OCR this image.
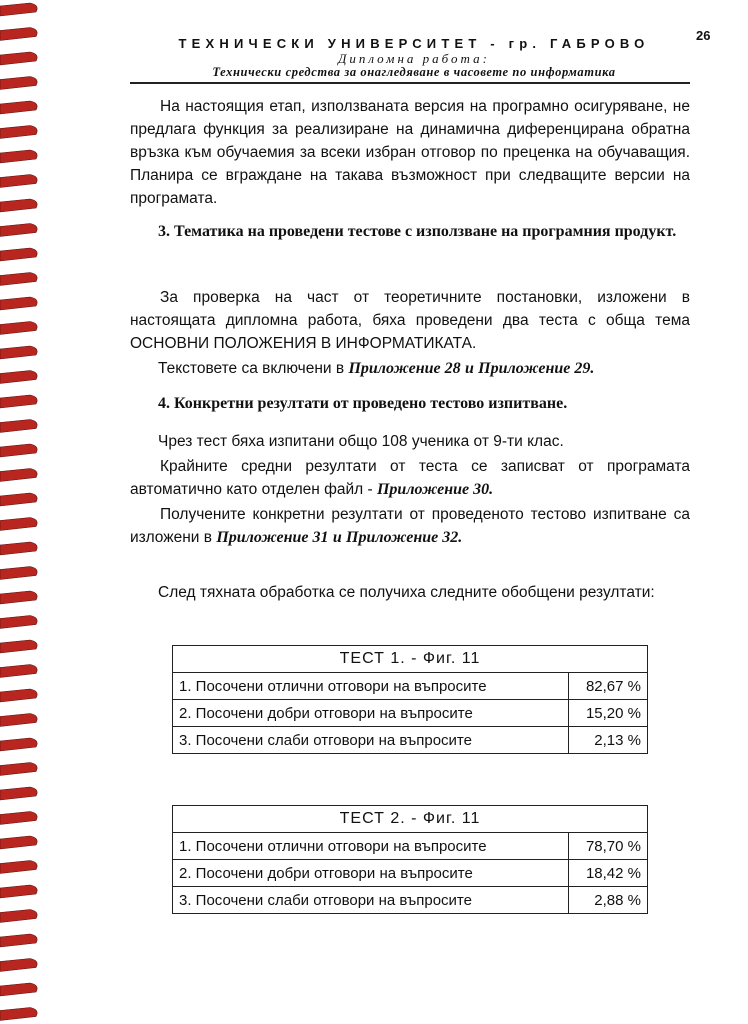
26
ТЕХНИЧЕСКИ УНИВЕРСИТЕТ - гр. ГАБРОВО
Дипломна работа:
Технически средства за онагледяване в часовете по информатика
На настоящия етап, използваната версия на програмно осигуряване, не предлага функция за реализиране на динамична диференцирана обратна връзка към обучаемия за всеки избран отговор по преценка на обучаващия. Планира се вграждане на такава възможност при следващите версии на програмата.
3. Тематика на проведени тестове с използване на програмния продукт.
За проверка на част от теоретичните постановки, изложени в настоящата дипломна работа, бяха проведени два теста с обща тема ОСНОВНИ ПОЛОЖЕНИЯ В ИНФОРМАТИКАТА.
Текстовете са включени в Приложение 28 и Приложение 29.
4. Конкретни резултати от проведено тестово изпитване.
Чрез тест бяха изпитани общо 108 ученика от 9-ти клас.
Крайните средни резултати от теста се записват от програмата автоматично като отделен файл - Приложение 30.
Получените конкретни резултати от проведеното тестово изпитване са изложени в Приложение 31 и Приложение 32.
След тяхната обработка се получиха следните обобщени резултати:
ТЕСТ 1. - Фиг. 11	
1. Посочени отлични отговори на въпросите	82,67 %
2. Посочени добри отговори на въпросите	15,20 %
3. Посочени слаби отговори на въпросите	2,13 %
ТЕСТ 2. - Фиг. 11	
1. Посочени отлични отговори на въпросите	78,70 %
2. Посочени добри отговори на въпросите	18,42 %
3. Посочени слаби отговори на въпросите	2,88 %
